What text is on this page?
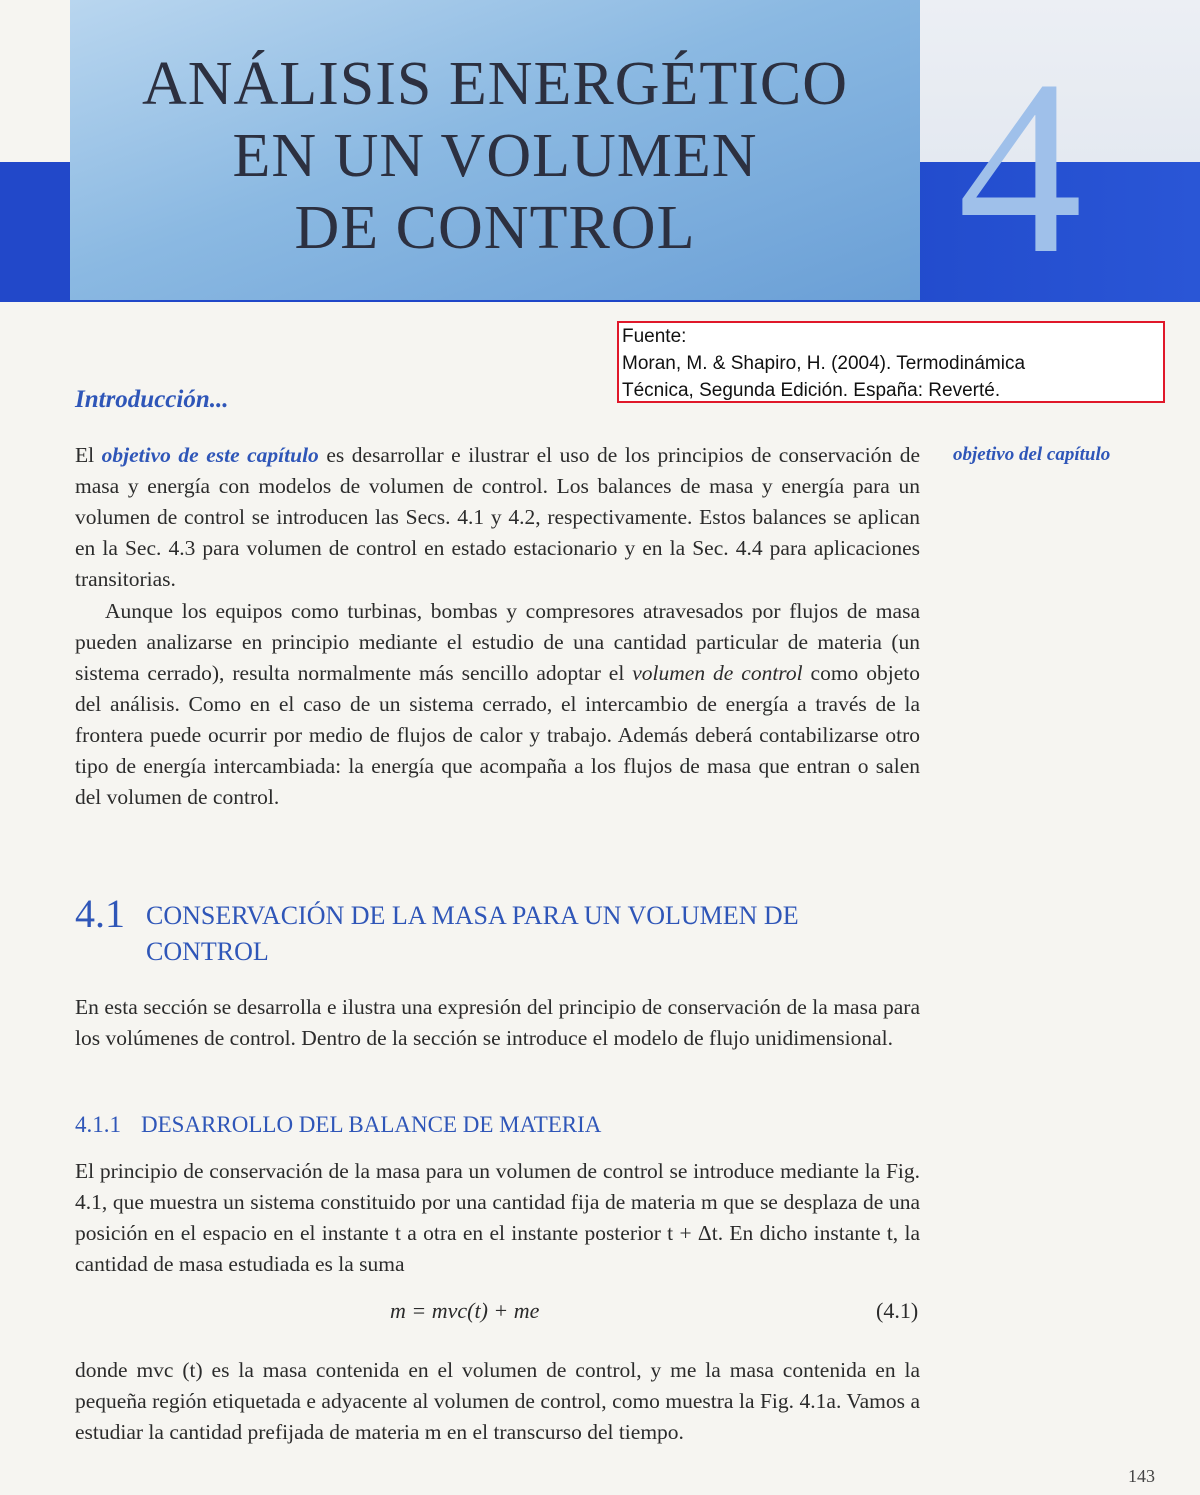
ANÁLISIS ENERGÉTICO
EN UN VOLUMEN
DE CONTROL	4
Fuente:
Moran, M. & Shapiro, H. (2004). Termodinámica
Técnica, Segunda Edición. España: Reverté.
Introducción...
objetivo del capítulo

El objetivo de este capítulo es desarrollar e ilustrar el uso de los principios de conservación de masa y energía con modelos de volumen de control. Los balances de masa y energía para un volumen de control se introducen las Secs. 4.1 y 4.2, respectivamente. Estos balances se aplican en la Sec. 4.3 para volumen de control en estado estacionario y en la Sec. 4.4 para aplicaciones transitorias.

Aunque los equipos como turbinas, bombas y compresores atravesados por flujos de masa pueden analizarse en principio mediante el estudio de una cantidad particular de materia (un sistema cerrado), resulta normalmente más sencillo adoptar el volumen de control como objeto del análisis. Como en el caso de un sistema cerrado, el intercambio de energía a través de la frontera puede ocurrir por medio de flujos de calor y trabajo. Además deberá contabilizarse otro tipo de energía intercambiada: la energía que acompaña a los flujos de masa que entran o salen del volumen de control.

4.1 CONSERVACIÓN DE LA MASA PARA UN VOLUMEN DE CONTROL

En esta sección se desarrolla e ilustra una expresión del principio de conservación de la masa para los volúmenes de control. Dentro de la sección se introduce el modelo de flujo unidimensional.

4.1.1 DESARROLLO DEL BALANCE DE MATERIA

El principio de conservación de la masa para un volumen de control se introduce mediante la Fig. 4.1, que muestra un sistema constituido por una cantidad fija de materia m que se desplaza de una posición en el espacio en el instante t a otra en el instante posterior t + Δt. En dicho instante t, la cantidad de masa estudiada es la suma

m = mvc(t) + me	(4.1)

donde mvc (t) es la masa contenida en el volumen de control, y me la masa contenida en la pequeña región etiquetada e adyacente al volumen de control, como muestra la Fig. 4.1a. Vamos a estudiar la cantidad prefijada de materia m en el transcurso del tiempo.

143
